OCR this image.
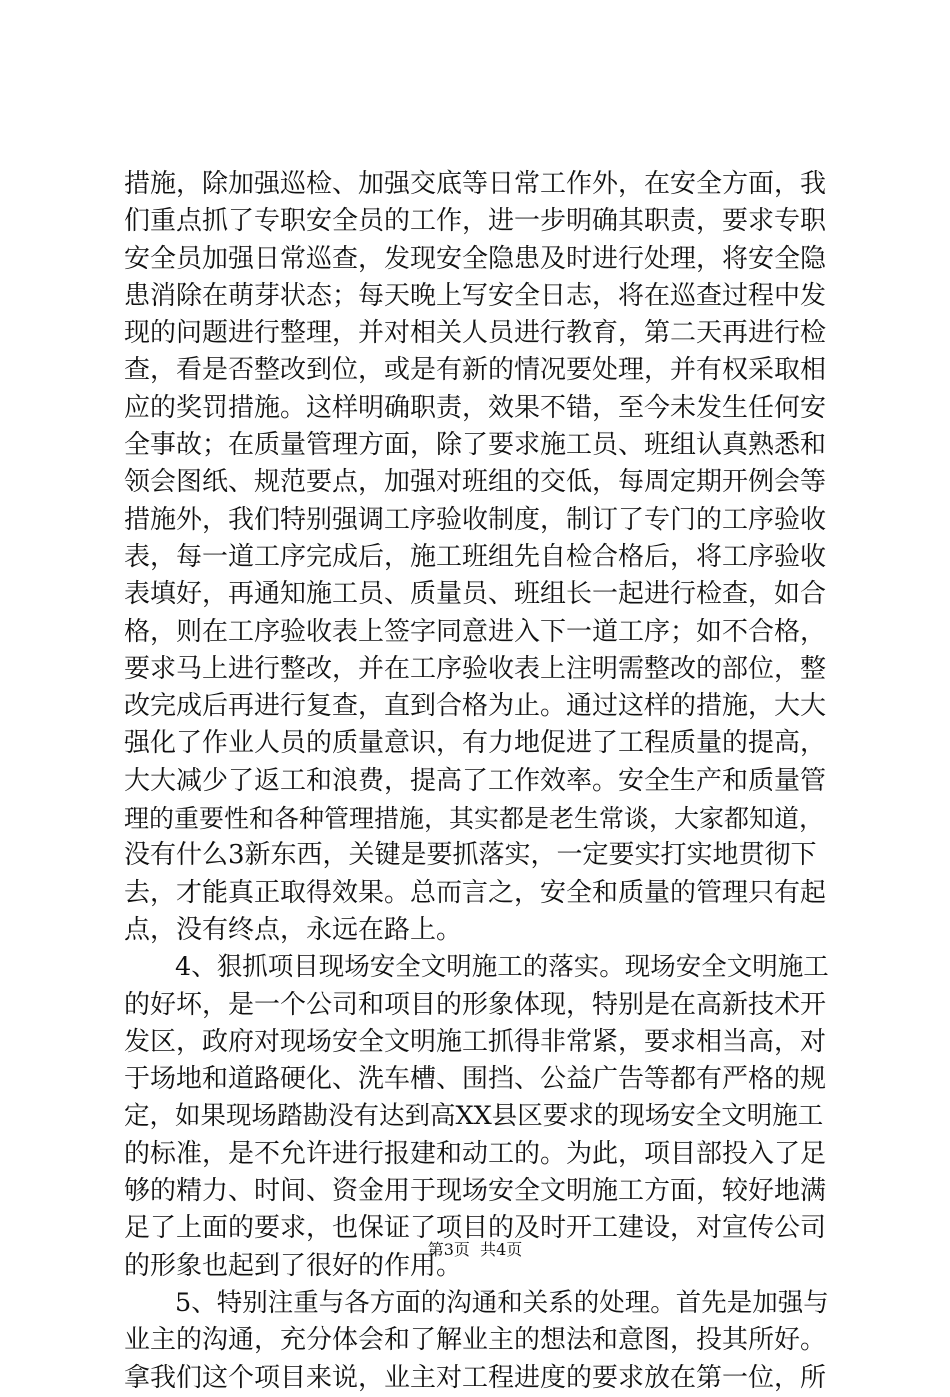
措施，除加强巡检、加强交底等日常工作外，在安全方面，我
们重点抓了专职安全员的工作，进一步明确其职责，要求专职
安全员加强日常巡查，发现安全隐患及时进行处理，将安全隐
患消除在萌芽状态；每天晚上写安全日志，将在巡查过程中发
现的问题进行整理，并对相关人员进行教育，第二天再进行检
查，看是否整改到位，或是有新的情况要处理，并有权采取相
应的奖罚措施。这样明确职责，效果不错，至今未发生任何安
全事故；在质量管理方面，除了要求施工员、班组认真熟悉和
领会图纸、规范要点，加强对班组的交低，每周定期开例会等
措施外，我们特别强调工序验收制度，制订了专门的工序验收
表，每一道工序完成后，施工班组先自检合格后，将工序验收
表填好，再通知施工员、质量员、班组长一起进行检查，如合
格，则在工序验收表上签字同意进入下一道工序；如不合格，
要求马上进行整改，并在工序验收表上注明需整改的部位，整
改完成后再进行复查，直到合格为止。通过这样的措施，大大
强化了作业人员的质量意识，有力地促进了工程质量的提高，
大大减少了返工和浪费，提高了工作效率。安全生产和质量管
理的重要性和各种管理措施，其实都是老生常谈，大家都知道，
没有什么3新东西，关键是要抓落实，一定要实打实地贯彻下
去，才能真正取得效果。总而言之，安全和质量的管理只有起
点，没有终点，永远在路上。
　　4、狠抓项目现场安全文明施工的落实。现场安全文明施工
的好坏，是一个公司和项目的形象体现，特别是在高新技术开
发区，政府对现场安全文明施工抓得非常紧，要求相当高，对
于场地和道路硬化、洗车槽、围挡、公益广告等都有严格的规
定，如果现场踏勘没有达到高XX县区要求的现场安全文明施工
的标准，是不允许进行报建和动工的。为此，项目部投入了足
够的精力、时间、资金用于现场安全文明施工方面，较好地满
足了上面的要求，也保证了项目的及时开工建设，对宣传公司
的形象也起到了很好的作用。
　　5、特别注重与各方面的沟通和关系的处理。首先是加强与
业主的沟通，充分体会和了解业主的想法和意图，投其所好。
拿我们这个项目来说，业主对工程进度的要求放在第一位，所
第3页  共4页
